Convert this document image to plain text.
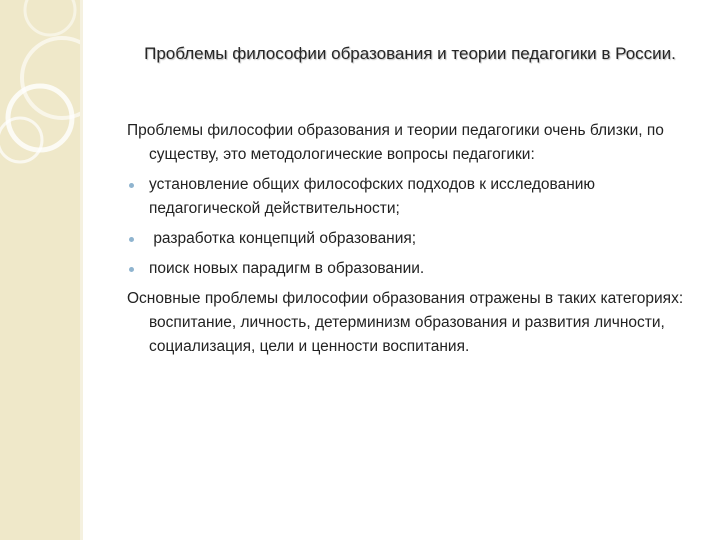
Проблемы философии образования и теории педагогики в России.

Проблемы философии образования и теории педагогики очень близки, по существу, это методологические вопросы педагогики:

установление общих философских подходов к исследованию педагогической действительности;
разработка концепций образования;
поиск новых парадигм в образовании.

Основные проблемы философии образования отражены в таких категориях: воспитание, личность, детерминизм образования и развития личности, социализация, цели и ценности воспитания.
